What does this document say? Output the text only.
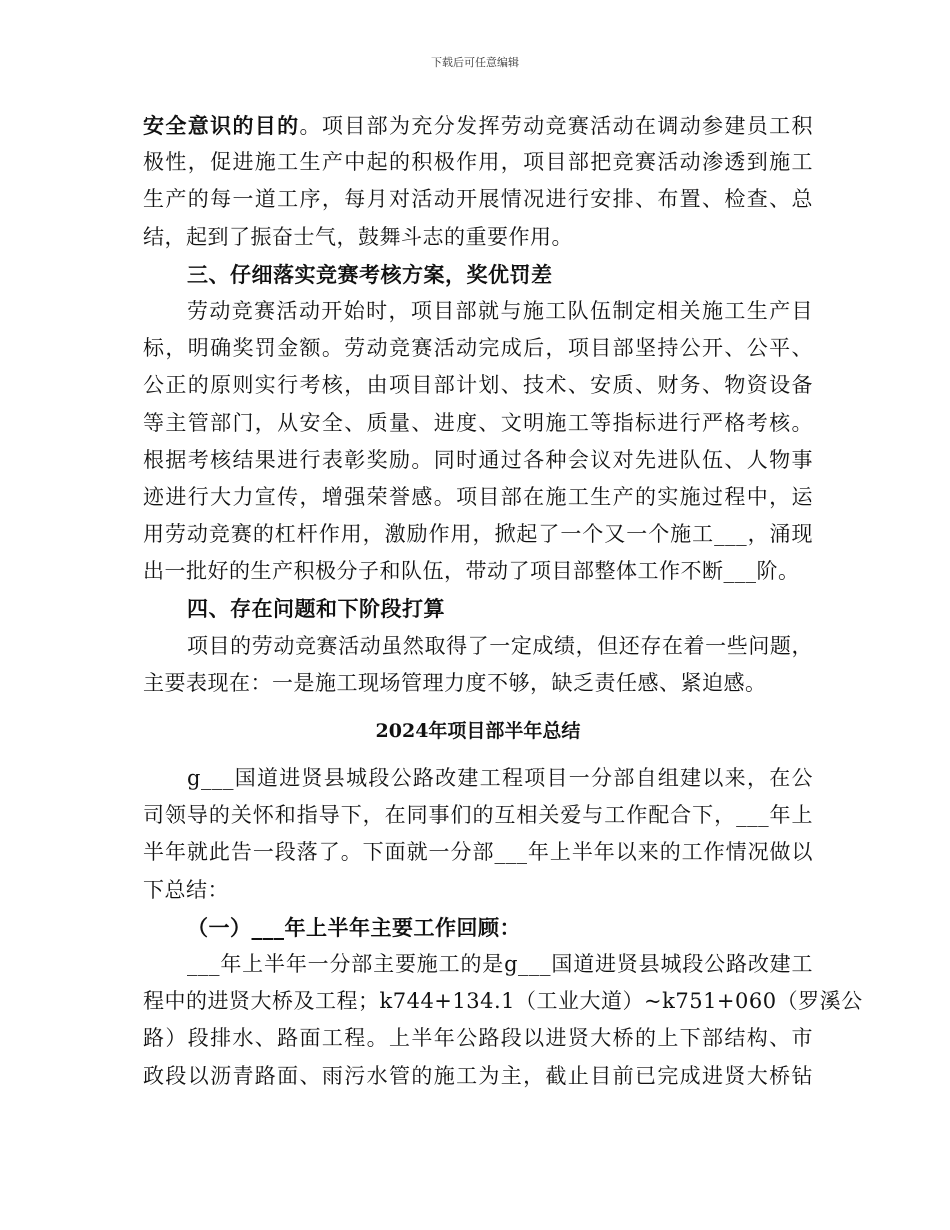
下载后可任意编辑
安全意识的目的。项目部为充分发挥劳动竞赛活动在调动参建员工积
极性，促进施工生产中起的积极作用，项目部把竞赛活动渗透到施工
生产的每一道工序，每月对活动开展情况进行安排、布置、检查、总
结，起到了振奋士气，鼓舞斗志的重要作用。
三、仔细落实竞赛考核方案，奖优罚差
劳动竞赛活动开始时，项目部就与施工队伍制定相关施工生产目
标，明确奖罚金额。劳动竞赛活动完成后，项目部坚持公开、公平、
公正的原则实行考核，由项目部计划、技术、安质、财务、物资设备
等主管部门，从安全、质量、进度、文明施工等指标进行严格考核。
根据考核结果进行表彰奖励。同时通过各种会议对先进队伍、人物事
迹进行大力宣传，增强荣誉感。项目部在施工生产的实施过程中，运
用劳动竞赛的杠杆作用，激励作用，掀起了一个又一个施工___，涌现
出一批好的生产积极分子和队伍，带动了项目部整体工作不断___阶。
四、存在问题和下阶段打算
项目的劳动竞赛活动虽然取得了一定成绩，但还存在着一些问题，
主要表现在：一是施工现场管理力度不够，缺乏责任感、紧迫感。
2024年项目部半年总结
g___国道进贤县城段公路改建工程项目一分部自组建以来，在公
司领导的关怀和指导下，在同事们的互相关爱与工作配合下，___年上
半年就此告一段落了。下面就一分部___年上半年以来的工作情况做以
下总结：
（一）___年上半年主要工作回顾：
___年上半年一分部主要施工的是g___国道进贤县城段公路改建工
程中的进贤大桥及工程；k744+134.1（工业大道）~k751+060（罗溪公
路）段排水、路面工程。上半年公路段以进贤大桥的上下部结构、市
政段以沥青路面、雨污水管的施工为主，截止目前已完成进贤大桥钻
